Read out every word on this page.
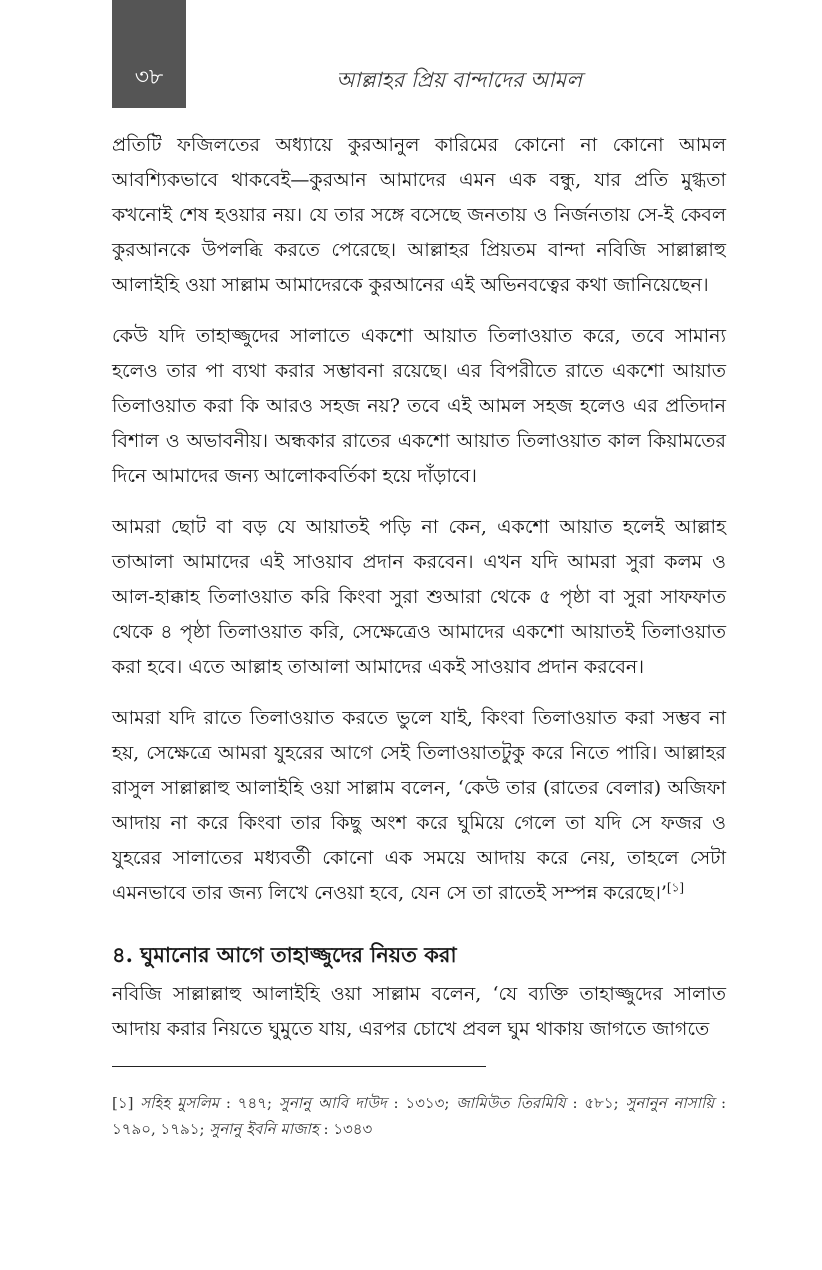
৩৮	আল্লাহর প্রিয় বান্দাদের আমল

প্রতিটি ফজিলতের অধ্যায়ে কুরআনুল কারিমের কোনো না কোনো আমল আবশ্যিকভাবে থাকবেই—কুরআন আমাদের এমন এক বন্ধু, যার প্রতি মুগ্ধতা কখনোই শেষ হওয়ার নয়। যে তার সঙ্গে বসেছে জনতায় ও নির্জনতায় সে-ই কেবল কুরআনকে উপলব্ধি করতে পেরেছে। আল্লাহর প্রিয়তম বান্দা নবিজি সাল্লাল্লাহু আলাইহি ওয়া সাল্লাম আমাদেরকে কুরআনের এই অভিনবত্বের কথা জানিয়েছেন।

কেউ যদি তাহাজ্জুদের সালাতে একশো আয়াত তিলাওয়াত করে, তবে সামান্য হলেও তার পা ব্যথা করার সম্ভাবনা রয়েছে। এর বিপরীতে রাতে একশো আয়াত তিলাওয়াত করা কি আরও সহজ নয়? তবে এই আমল সহজ হলেও এর প্রতিদান বিশাল ও অভাবনীয়। অন্ধকার রাতের একশো আয়াত তিলাওয়াত কাল কিয়ামতের দিনে আমাদের জন্য আলোকবর্তিকা হয়ে দাঁড়াবে।

আমরা ছোট বা বড় যে আয়াতই পড়ি না কেন, একশো আয়াত হলেই আল্লাহ তাআলা আমাদের এই সাওয়াব প্রদান করবেন। এখন যদি আমরা সুরা কলম ও আল-হাক্কাহ তিলাওয়াত করি কিংবা সুরা শুআরা থেকে ৫ পৃষ্ঠা বা সুরা সাফফাত থেকে ৪ পৃষ্ঠা তিলাওয়াত করি, সেক্ষেত্রেও আমাদের একশো আয়াতই তিলাওয়াত করা হবে। এতে আল্লাহ তাআলা আমাদের একই সাওয়াব প্রদান করবেন।

আমরা যদি রাতে তিলাওয়াত করতে ভুলে যাই, কিংবা তিলাওয়াত করা সম্ভব না হয়, সেক্ষেত্রে আমরা যুহরের আগে সেই তিলাওয়াতটুকু করে নিতে পারি। আল্লাহর রাসুল সাল্লাল্লাহু আলাইহি ওয়া সাল্লাম বলেন, ‘কেউ তার (রাতের বেলার) অজিফা আদায় না করে কিংবা তার কিছু অংশ করে ঘুমিয়ে গেলে তা যদি সে ফজর ও যুহরের সালাতের মধ্যবর্তী কোনো এক সময়ে আদায় করে নেয়, তাহলে সেটা এমনভাবে তার জন্য লিখে নেওয়া হবে, যেন সে তা রাতেই সম্পন্ন করেছে।’[১]

৪. ঘুমানোর আগে তাহাজ্জুদের নিয়ত করা

নবিজি সাল্লাল্লাহু আলাইহি ওয়া সাল্লাম বলেন, ‘যে ব্যক্তি তাহাজ্জুদের সালাত আদায় করার নিয়তে ঘুমুতে যায়, এরপর চোখে প্রবল ঘুম থাকায় জাগতে জাগতে

[১] সহিহ মুসলিম : ৭৪৭; সুনানু আবি দাউদ : ১৩১৩; জামিউত তিরমিযি : ৫৮১; সুনানুন নাসায়ি : ১৭৯০, ১৭৯১; সুনানু ইবনি মাজাহ : ১৩৪৩
